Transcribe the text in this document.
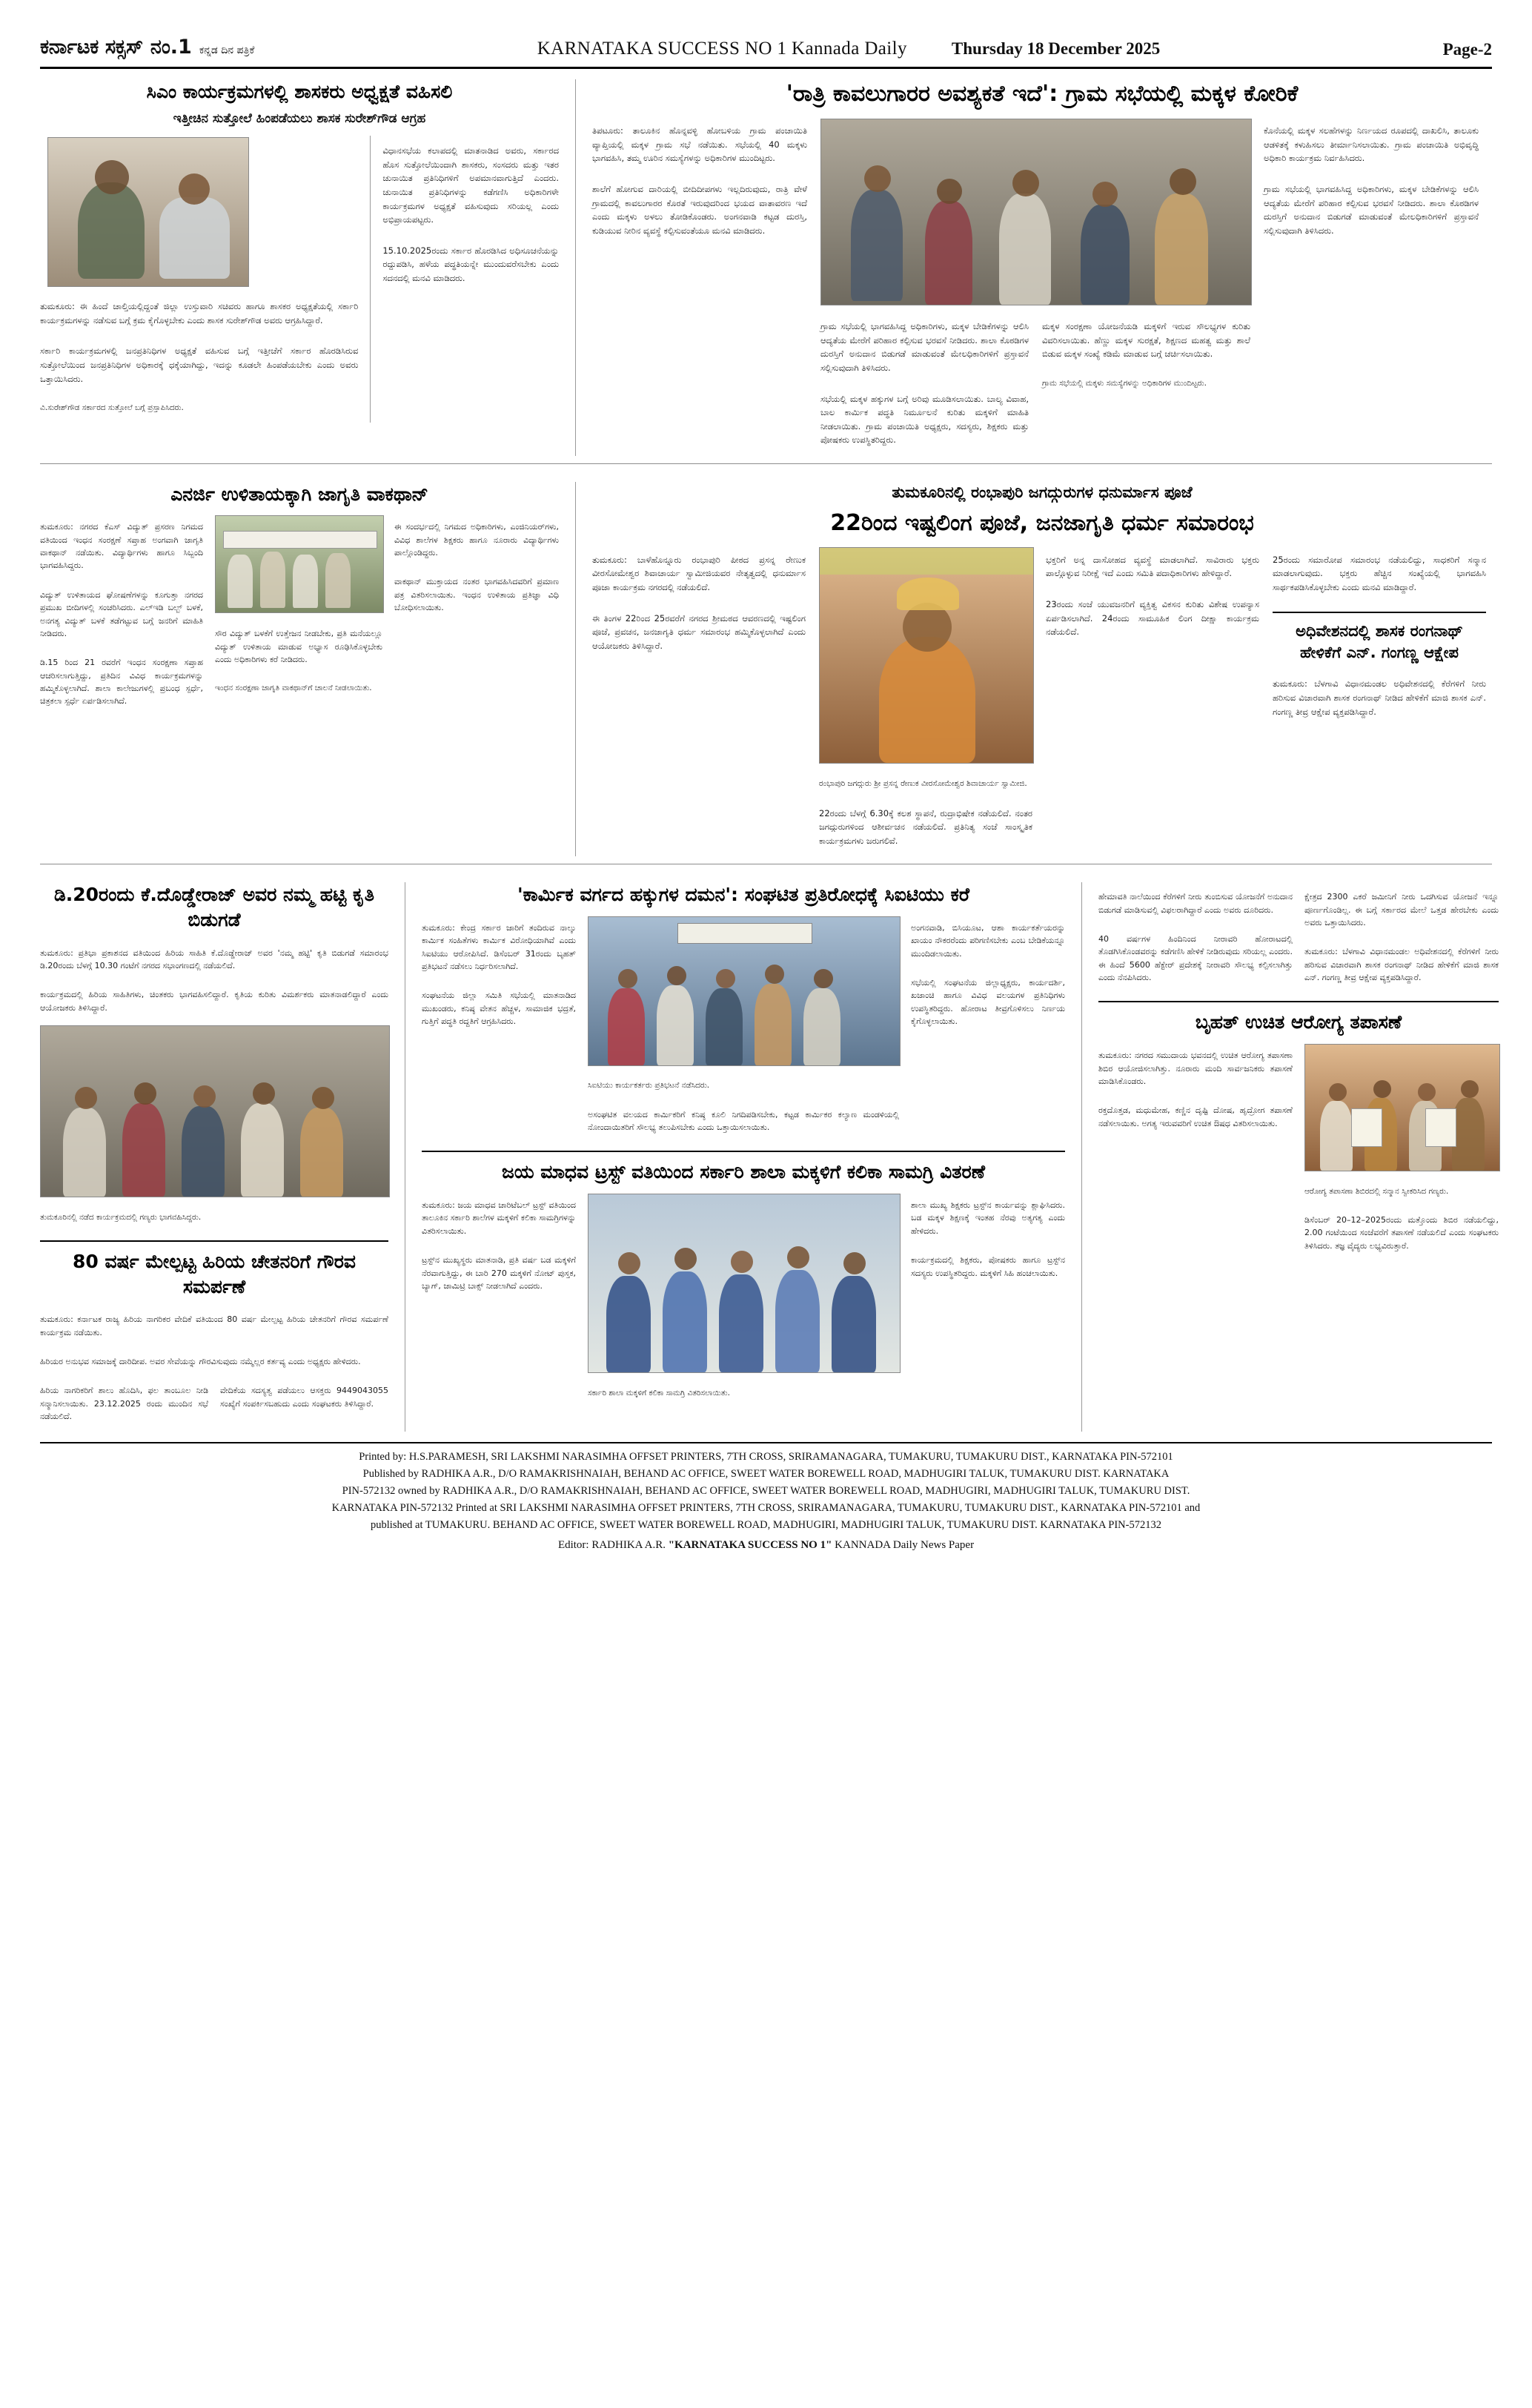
ಕರ್ನಾಟಕ ಸಕ್ಸಸ್ ನಂ.1 ಕನ್ನಡ ದಿನ ಪತ್ರಿಕೆ	KARNATAKA SUCCESS NO 1 Kannada Daily	Thursday 18 December 2025	Page-2
ಸಿಎಂ ಕಾರ್ಯಕ್ರಮಗಳಲ್ಲಿ ಶಾಸಕರು ಅಧ್ವಕ್ಷತೆ ವಹಿಸಲಿ
ಇತ್ತೀಚಿನ ಸುತ್ತೋಲೆ ಹಿಂಪಡೆಯಲು ಶಾಸಕ ಸುರೇಶ್‌ಗೌಡ ಆಗ್ರಹ

ತುಮಕೂರು: ಈ ಹಿಂದೆ ಚಾಲ್ತಿಯಲ್ಲಿದ್ದಂತೆ ಜಿಲ್ಲಾ ಉಸ್ತುವಾರಿ ಸಚಿವರು ಹಾಗೂ ಶಾಸಕರ ಅಧ್ಯಕ್ಷತೆಯಲ್ಲಿ ಸರ್ಕಾರಿ ಕಾರ್ಯಕ್ರಮಗಳನ್ನು ನಡೆಸುವ ಬಗ್ಗೆ ಕ್ರಮ ಕೈಗೊಳ್ಳಬೇಕು ಎಂದು ಶಾಸಕ ಸುರೇಶ್‌ಗೌಡ ಅವರು ಆಗ್ರಹಿಸಿದ್ದಾರೆ.

ಸರ್ಕಾರಿ ಕಾರ್ಯಕ್ರಮಗಳಲ್ಲಿ ಜನಪ್ರತಿನಿಧಿಗಳ ಅಧ್ಯಕ್ಷತೆ ವಹಿಸುವ ಬಗ್ಗೆ ಇತ್ತೀಚೆಗೆ ಸರ್ಕಾರ ಹೊರಡಿಸಿರುವ ಸುತ್ತೋಲೆಯಿಂದ ಜನಪ್ರತಿನಿಧಿಗಳ ಅಧಿಕಾರಕ್ಕೆ ಧಕ್ಕೆಯಾಗಿದ್ದು, ಇದನ್ನು ಕೂಡಲೇ ಹಿಂಪಡೆಯಬೇಕು ಎಂದು ಅವರು ಒತ್ತಾಯಿಸಿದರು.

ವಿ.ಸುರೇಶ್‌ಗೌಡ ಸರ್ಕಾರದ ಸುತ್ತೋಲೆ ಬಗ್ಗೆ ಪ್ರಸ್ತಾಪಿಸಿದರು.

ವಿಧಾನಸಭೆಯ ಕಲಾಪದಲ್ಲಿ ಮಾತನಾಡಿದ ಅವರು, ಸರ್ಕಾರದ ಹೊಸ ಸುತ್ತೋಲೆಯಿಂದಾಗಿ ಶಾಸಕರು, ಸಂಸದರು ಮತ್ತು ಇತರ ಚುನಾಯಿತ ಪ್ರತಿನಿಧಿಗಳಿಗೆ ಅಪಮಾನವಾಗುತ್ತಿದೆ ಎಂದರು. ಚುನಾಯಿತ ಪ್ರತಿನಿಧಿಗಳನ್ನು ಕಡೆಗಣಿಸಿ ಅಧಿಕಾರಿಗಳೇ ಕಾರ್ಯಕ್ರಮಗಳ ಅಧ್ಯಕ್ಷತೆ ವಹಿಸುವುದು ಸರಿಯಲ್ಲ ಎಂದು ಅಭಿಪ್ರಾಯಪಟ್ಟರು.

15.10.2025ರಂದು ಸರ್ಕಾರ ಹೊರಡಿಸಿದ ಅಧಿಸೂಚನೆಯನ್ನು ರದ್ದುಪಡಿಸಿ, ಹಳೆಯ ಪದ್ಧತಿಯನ್ನೇ ಮುಂದುವರೆಸಬೇಕು ಎಂದು ಸದನದಲ್ಲಿ ಮನವಿ ಮಾಡಿದರು.

'ರಾತ್ರಿ ಕಾವಲುಗಾರರ ಅವಶ್ಯಕತೆ ಇದೆ': ಗ್ರಾಮ ಸಭೆಯಲ್ಲಿ ಮಕ್ಕಳ ಕೋರಿಕೆ

ತಿಪಟೂರು: ತಾಲೂಕಿನ ಹೊನ್ನವಳ್ಳಿ ಹೋಬಳಿಯ ಗ್ರಾಮ ಪಂಚಾಯಿತಿ ವ್ಯಾಪ್ತಿಯಲ್ಲಿ ಮಕ್ಕಳ ಗ್ರಾಮ ಸಭೆ ನಡೆಯಿತು. ಸಭೆಯಲ್ಲಿ 40 ಮಕ್ಕಳು ಭಾಗವಹಿಸಿ, ತಮ್ಮ ಊರಿನ ಸಮಸ್ಯೆಗಳನ್ನು ಅಧಿಕಾರಿಗಳ ಮುಂದಿಟ್ಟರು.

ಶಾಲೆಗೆ ಹೋಗುವ ದಾರಿಯಲ್ಲಿ ಬೀದಿದೀಪಗಳು ಇಲ್ಲದಿರುವುದು, ರಾತ್ರಿ ವೇಳೆ ಗ್ರಾಮದಲ್ಲಿ ಕಾವಲುಗಾರರ ಕೊರತೆ ಇರುವುದರಿಂದ ಭಯದ ವಾತಾವರಣ ಇದೆ ಎಂದು ಮಕ್ಕಳು ಅಳಲು ತೋಡಿಕೊಂಡರು. ಅಂಗನವಾಡಿ ಕಟ್ಟಡ ದುರಸ್ತಿ, ಕುಡಿಯುವ ನೀರಿನ ವ್ಯವಸ್ಥೆ ಕಲ್ಪಿಸುವಂತೆಯೂ ಮನವಿ ಮಾಡಿದರು.

ಗ್ರಾಮ ಸಭೆಯಲ್ಲಿ ಭಾಗವಹಿಸಿದ್ದ ಅಧಿಕಾರಿಗಳು, ಮಕ್ಕಳ ಬೇಡಿಕೆಗಳನ್ನು ಆಲಿಸಿ ಆದ್ಯತೆಯ ಮೇರೆಗೆ ಪರಿಹಾರ ಕಲ್ಪಿಸುವ ಭರವಸೆ ನೀಡಿದರು. ಶಾಲಾ ಕೊಠಡಿಗಳ ದುರಸ್ತಿಗೆ ಅನುದಾನ ಬಿಡುಗಡೆ ಮಾಡುವಂತೆ ಮೇಲಧಿಕಾರಿಗಳಿಗೆ ಪ್ರಸ್ತಾವನೆ ಸಲ್ಲಿಸುವುದಾಗಿ ತಿಳಿಸಿದರು.

ಸಭೆಯಲ್ಲಿ ಮಕ್ಕಳ ಹಕ್ಕುಗಳ ಬಗ್ಗೆ ಅರಿವು ಮೂಡಿಸಲಾಯಿತು. ಬಾಲ್ಯ ವಿವಾಹ, ಬಾಲ ಕಾರ್ಮಿಕ ಪದ್ಧತಿ ನಿರ್ಮೂಲನೆ ಕುರಿತು ಮಕ್ಕಳಿಗೆ ಮಾಹಿತಿ ನೀಡಲಾಯಿತು. ಗ್ರಾಮ ಪಂಚಾಯಿತಿ ಅಧ್ಯಕ್ಷರು, ಸದಸ್ಯರು, ಶಿಕ್ಷಕರು ಮತ್ತು ಪೋಷಕರು ಉಪಸ್ಥಿತರಿದ್ದರು.

ಮಕ್ಕಳ ಸಂರಕ್ಷಣಾ ಯೋಜನೆಯಡಿ ಮಕ್ಕಳಿಗೆ ಇರುವ ಸೌಲಭ್ಯಗಳ ಕುರಿತು ವಿವರಿಸಲಾಯಿತು. ಹೆಣ್ಣು ಮಕ್ಕಳ ಸುರಕ್ಷತೆ, ಶಿಕ್ಷಣದ ಮಹತ್ವ ಮತ್ತು ಶಾಲೆ ಬಿಡುವ ಮಕ್ಕಳ ಸಂಖ್ಯೆ ಕಡಿಮೆ ಮಾಡುವ ಬಗ್ಗೆ ಚರ್ಚಿಸಲಾಯಿತು.

ಗ್ರಾಮ ಸಭೆಯಲ್ಲಿ ಮಕ್ಕಳು ಸಮಸ್ಯೆಗಳನ್ನು ಅಧಿಕಾರಿಗಳ ಮುಂದಿಟ್ಟರು.

ಕೊನೆಯಲ್ಲಿ ಮಕ್ಕಳ ಸಲಹೆಗಳನ್ನು ನಿರ್ಣಯದ ರೂಪದಲ್ಲಿ ದಾಖಲಿಸಿ, ತಾಲೂಕು ಆಡಳಿತಕ್ಕೆ ಕಳುಹಿಸಲು ತೀರ್ಮಾನಿಸಲಾಯಿತು. ಗ್ರಾಮ ಪಂಚಾಯಿತಿ ಅಭಿವೃದ್ಧಿ ಅಧಿಕಾರಿ ಕಾರ್ಯಕ್ರಮ ನಿರ್ವಹಿಸಿದರು.

ಗ್ರಾಮ ಸಭೆಯಲ್ಲಿ ಭಾಗವಹಿಸಿದ್ದ ಅಧಿಕಾರಿಗಳು, ಮಕ್ಕಳ ಬೇಡಿಕೆಗಳನ್ನು ಆಲಿಸಿ ಆದ್ಯತೆಯ ಮೇರೆಗೆ ಪರಿಹಾರ ಕಲ್ಪಿಸುವ ಭರವಸೆ ನೀಡಿದರು. ಶಾಲಾ ಕೊಠಡಿಗಳ ದುರಸ್ತಿಗೆ ಅನುದಾನ ಬಿಡುಗಡೆ ಮಾಡುವಂತೆ ಮೇಲಧಿಕಾರಿಗಳಿಗೆ ಪ್ರಸ್ತಾವನೆ ಸಲ್ಲಿಸುವುದಾಗಿ ತಿಳಿಸಿದರು.

ಎನರ್ಜಿ ಉಳಿತಾಯಕ್ಕಾಗಿ ಜಾಗೃತಿ ವಾಕಥಾನ್

ತುಮಕೂರು: ನಗರದ ಕೆಎಸ್ ವಿದ್ಯುತ್ ಪ್ರಸರಣ ನಿಗಮದ ವತಿಯಿಂದ ಇಂಧನ ಸಂರಕ್ಷಣೆ ಸಪ್ತಾಹ ಅಂಗವಾಗಿ ಜಾಗೃತಿ ವಾಕಥಾನ್ ನಡೆಯಿತು. ವಿದ್ಯಾರ್ಥಿಗಳು ಹಾಗೂ ಸಿಬ್ಬಂದಿ ಭಾಗವಹಿಸಿದ್ದರು.

ವಿದ್ಯುತ್ ಉಳಿತಾಯದ ಘೋಷಣೆಗಳನ್ನು ಕೂಗುತ್ತಾ ನಗರದ ಪ್ರಮುಖ ಬೀದಿಗಳಲ್ಲಿ ಸಂಚರಿಸಿದರು. ಎಲ್ಇಡಿ ಬಲ್ಬ್ ಬಳಕೆ, ಅನಗತ್ಯ ವಿದ್ಯುತ್ ಬಳಕೆ ತಡೆಗಟ್ಟುವ ಬಗ್ಗೆ ಜನರಿಗೆ ಮಾಹಿತಿ ನೀಡಿದರು.

ಡಿ.15 ರಿಂದ 21 ರವರೆಗೆ ಇಂಧನ ಸಂರಕ್ಷಣಾ ಸಪ್ತಾಹ ಆಚರಿಸಲಾಗುತ್ತಿದ್ದು, ಪ್ರತಿದಿನ ವಿವಿಧ ಕಾರ್ಯಕ್ರಮಗಳನ್ನು ಹಮ್ಮಿಕೊಳ್ಳಲಾಗಿದೆ. ಶಾಲಾ ಕಾಲೇಜುಗಳಲ್ಲಿ ಪ್ರಬಂಧ ಸ್ಪರ್ಧೆ, ಚಿತ್ರಕಲಾ ಸ್ಪರ್ಧೆ ಏರ್ಪಡಿಸಲಾಗಿದೆ.

ಸೌರ ವಿದ್ಯುತ್ ಬಳಕೆಗೆ ಉತ್ತೇಜನ ನೀಡಬೇಕು, ಪ್ರತಿ ಮನೆಯಲ್ಲೂ ವಿದ್ಯುತ್ ಉಳಿತಾಯ ಮಾಡುವ ಅಭ್ಯಾಸ ರೂಢಿಸಿಕೊಳ್ಳಬೇಕು ಎಂದು ಅಧಿಕಾರಿಗಳು ಕರೆ ನೀಡಿದರು.

ಇಂಧನ ಸಂರಕ್ಷಣಾ ಜಾಗೃತಿ ವಾಕಥಾನ್‌ಗೆ ಚಾಲನೆ ನೀಡಲಾಯಿತು.

ಈ ಸಂದರ್ಭದಲ್ಲಿ ನಿಗಮದ ಅಧಿಕಾರಿಗಳು, ಎಂಜಿನಿಯರ್‌ಗಳು, ವಿವಿಧ ಶಾಲೆಗಳ ಶಿಕ್ಷಕರು ಹಾಗೂ ನೂರಾರು ವಿದ್ಯಾರ್ಥಿಗಳು ಪಾಲ್ಗೊಂಡಿದ್ದರು.

ವಾಕಥಾನ್ ಮುಕ್ತಾಯದ ನಂತರ ಭಾಗವಹಿಸಿದವರಿಗೆ ಪ್ರಮಾಣ ಪತ್ರ ವಿತರಿಸಲಾಯಿತು. ಇಂಧನ ಉಳಿತಾಯ ಪ್ರತಿಜ್ಞಾ ವಿಧಿ ಬೋಧಿಸಲಾಯಿತು.

ತುಮಕೂರಿನಲ್ಲಿ ರಂಭಾಪುರಿ ಜಗದ್ಗುರುಗಳ ಧನುರ್ಮಾಸ ಪೂಜೆ
22ರಿಂದ ಇಷ್ಟಲಿಂಗ ಪೂಜೆ, ಜನಜಾಗೃತಿ ಧರ್ಮ ಸಮಾರಂಭ

ತುಮಕೂರು: ಬಾಳೆಹೊನ್ನೂರು ರಂಭಾಪುರಿ ಪೀಠದ ಪ್ರಸನ್ನ ರೇಣುಕ ವೀರಸೋಮೇಶ್ವರ ಶಿವಾಚಾರ್ಯ ಸ್ವಾಮೀಜಿಯವರ ನೇತೃತ್ವದಲ್ಲಿ ಧನುರ್ಮಾಸ ಪೂಜಾ ಕಾರ್ಯಕ್ರಮ ನಗರದಲ್ಲಿ ನಡೆಯಲಿದೆ.

ಈ ತಿಂಗಳ 22ರಿಂದ 25ರವರೆಗೆ ನಗರದ ಶ್ರೀಮಠದ ಆವರಣದಲ್ಲಿ ಇಷ್ಟಲಿಂಗ ಪೂಜೆ, ಪ್ರವಚನ, ಜನಜಾಗೃತಿ ಧರ್ಮ ಸಮಾರಂಭ ಹಮ್ಮಿಕೊಳ್ಳಲಾಗಿದೆ ಎಂದು ಆಯೋಜಕರು ತಿಳಿಸಿದ್ದಾರೆ.

ರಂಭಾಪುರಿ ಜಗದ್ಗುರು ಶ್ರೀ ಪ್ರಸನ್ನ ರೇಣುಕ ವೀರಸೋಮೇಶ್ವರ ಶಿವಾಚಾರ್ಯ ಸ್ವಾಮೀಜಿ.

22ರಂದು ಬೆಳಗ್ಗೆ 6.30ಕ್ಕೆ ಕಲಶ ಸ್ಥಾಪನೆ, ರುದ್ರಾಭಿಷೇಕ ನಡೆಯಲಿದೆ. ನಂತರ ಜಗದ್ಗುರುಗಳಿಂದ ಆಶೀರ್ವಚನ ನಡೆಯಲಿದೆ. ಪ್ರತಿನಿತ್ಯ ಸಂಜೆ ಸಾಂಸ್ಕೃತಿಕ ಕಾರ್ಯಕ್ರಮಗಳು ಜರುಗಲಿವೆ.

ಭಕ್ತರಿಗೆ ಅನ್ನ ದಾಸೋಹದ ವ್ಯವಸ್ಥೆ ಮಾಡಲಾಗಿದೆ. ಸಾವಿರಾರು ಭಕ್ತರು ಪಾಲ್ಗೊಳ್ಳುವ ನಿರೀಕ್ಷೆ ಇದೆ ಎಂದು ಸಮಿತಿ ಪದಾಧಿಕಾರಿಗಳು ಹೇಳಿದ್ದಾರೆ.

23ರಂದು ಸಂಜೆ ಯುವಜನರಿಗೆ ವ್ಯಕ್ತಿತ್ವ ವಿಕಸನ ಕುರಿತು ವಿಶೇಷ ಉಪನ್ಯಾಸ ಏರ್ಪಡಿಸಲಾಗಿದೆ. 24ರಂದು ಸಾಮೂಹಿಕ ಲಿಂಗ ದೀಕ್ಷಾ ಕಾರ್ಯಕ್ರಮ ನಡೆಯಲಿದೆ.

25ರಂದು ಸಮಾರೋಪ ಸಮಾರಂಭ ನಡೆಯಲಿದ್ದು, ಸಾಧಕರಿಗೆ ಸನ್ಮಾನ ಮಾಡಲಾಗುವುದು. ಭಕ್ತರು ಹೆಚ್ಚಿನ ಸಂಖ್ಯೆಯಲ್ಲಿ ಭಾಗವಹಿಸಿ ಸಾರ್ಥಕಪಡಿಸಿಕೊಳ್ಳಬೇಕು ಎಂದು ಮನವಿ ಮಾಡಿದ್ದಾರೆ.

ಅಧಿವೇಶನದಲ್ಲಿ ಶಾಸಕ ರಂಗನಾಥ್ ಹೇಳಿಕೆಗೆ ಎನ್. ಗಂಗಣ್ಣ ಆಕ್ಷೇಪ

ತುಮಕೂರು: ಬೆಳಗಾವಿ ವಿಧಾನಮಂಡಲ ಅಧಿವೇಶನದಲ್ಲಿ ಕೆರೆಗಳಿಗೆ ನೀರು ಹರಿಸುವ ವಿಚಾರವಾಗಿ ಶಾಸಕ ರಂಗನಾಥ್ ನೀಡಿದ ಹೇಳಿಕೆಗೆ ಮಾಜಿ ಶಾಸಕ ಎನ್. ಗಂಗಣ್ಣ ತೀವ್ರ ಆಕ್ಷೇಪ ವ್ಯಕ್ತಪಡಿಸಿದ್ದಾರೆ.

ಡಿ.20ರಂದು ಕೆ.ದೊಡ್ಡೇರಾಜ್ ಅವರ ನಮ್ಮ ಹಟ್ಟಿ ಕೃತಿ ಬಿಡುಗಡೆ

ತುಮಕೂರು: ಪ್ರತಿಭಾ ಪ್ರಕಾಶನದ ವತಿಯಿಂದ ಹಿರಿಯ ಸಾಹಿತಿ ಕೆ.ದೊಡ್ಡೇರಾಜ್ ಅವರ 'ನಮ್ಮ ಹಟ್ಟಿ' ಕೃತಿ ಬಿಡುಗಡೆ ಸಮಾರಂಭ ಡಿ.20ರಂದು ಬೆಳಗ್ಗೆ 10.30 ಗಂಟೆಗೆ ನಗರದ ಸಭಾಂಗಣದಲ್ಲಿ ನಡೆಯಲಿದೆ.

ಕಾರ್ಯಕ್ರಮದಲ್ಲಿ ಹಿರಿಯ ಸಾಹಿತಿಗಳು, ಚಿಂತಕರು ಭಾಗವಹಿಸಲಿದ್ದಾರೆ. ಕೃತಿಯ ಕುರಿತು ವಿಮರ್ಶಕರು ಮಾತನಾಡಲಿದ್ದಾರೆ ಎಂದು ಆಯೋಜಕರು ತಿಳಿಸಿದ್ದಾರೆ.

ತುಮಕೂರಿನಲ್ಲಿ ನಡೆದ ಕಾರ್ಯಕ್ರಮದಲ್ಲಿ ಗಣ್ಯರು ಭಾಗವಹಿಸಿದ್ದರು.

80 ವರ್ಷ ಮೇಲ್ಪಟ್ಟ ಹಿರಿಯ ಚೇತನರಿಗೆ ಗೌರವ ಸಮರ್ಪಣೆ

ತುಮಕೂರು: ಕರ್ನಾಟಕ ರಾಜ್ಯ ಹಿರಿಯ ನಾಗರಿಕರ ವೇದಿಕೆ ವತಿಯಿಂದ 80 ವರ್ಷ ಮೇಲ್ಪಟ್ಟ ಹಿರಿಯ ಚೇತನರಿಗೆ ಗೌರವ ಸಮರ್ಪಣೆ ಕಾರ್ಯಕ್ರಮ ನಡೆಯಿತು.

ಹಿರಿಯರ ಅನುಭವ ಸಮಾಜಕ್ಕೆ ದಾರಿದೀಪ. ಅವರ ಸೇವೆಯನ್ನು ಗೌರವಿಸುವುದು ನಮ್ಮೆಲ್ಲರ ಕರ್ತವ್ಯ ಎಂದು ಅಧ್ಯಕ್ಷರು ಹೇಳಿದರು.

ಹಿರಿಯ ನಾಗರಿಕರಿಗೆ ಶಾಲು ಹೊದಿಸಿ, ಫಲ ತಾಂಬೂಲ ನೀಡಿ ಸನ್ಮಾನಿಸಲಾಯಿತು. 23.12.2025 ರಂದು ಮುಂದಿನ ಸಭೆ ನಡೆಯಲಿದೆ.

ವೇದಿಕೆಯ ಸದಸ್ಯತ್ವ ಪಡೆಯಲು ಆಸಕ್ತರು 9449043055 ಸಂಖ್ಯೆಗೆ ಸಂಪರ್ಕಿಸಬಹುದು ಎಂದು ಸಂಘಟಕರು ತಿಳಿಸಿದ್ದಾರೆ.

'ಕಾರ್ಮಿಕ ವರ್ಗದ ಹಕ್ಕುಗಳ ದಮನ': ಸಂಘಟಿತ ಪ್ರತಿರೋಧಕ್ಕೆ ಸಿಐಟಿಯು ಕರೆ

ತುಮಕೂರು: ಕೇಂದ್ರ ಸರ್ಕಾರ ಜಾರಿಗೆ ತಂದಿರುವ ನಾಲ್ಕು ಕಾರ್ಮಿಕ ಸಂಹಿತೆಗಳು ಕಾರ್ಮಿಕ ವಿರೋಧಿಯಾಗಿವೆ ಎಂದು ಸಿಐಟಿಯು ಆರೋಪಿಸಿದೆ. ಡಿಸೆಂಬರ್ 31ರಂದು ಬೃಹತ್ ಪ್ರತಿಭಟನೆ ನಡೆಸಲು ನಿರ್ಧರಿಸಲಾಗಿದೆ.

ಸಂಘಟನೆಯ ಜಿಲ್ಲಾ ಸಮಿತಿ ಸಭೆಯಲ್ಲಿ ಮಾತನಾಡಿದ ಮುಖಂಡರು, ಕನಿಷ್ಠ ವೇತನ ಹೆಚ್ಚಳ, ಸಾಮಾಜಿಕ ಭದ್ರತೆ, ಗುತ್ತಿಗೆ ಪದ್ಧತಿ ರದ್ದತಿಗೆ ಆಗ್ರಹಿಸಿದರು.

ಸಿಐಟಿಯು ಕಾರ್ಯಕರ್ತರು ಪ್ರತಿಭಟನೆ ನಡೆಸಿದರು.

ಅಸಂಘಟಿತ ವಲಯದ ಕಾರ್ಮಿಕರಿಗೆ ಕನಿಷ್ಠ ಕೂಲಿ ನಿಗದಿಪಡಿಸಬೇಕು, ಕಟ್ಟಡ ಕಾರ್ಮಿಕರ ಕಲ್ಯಾಣ ಮಂಡಳಿಯಲ್ಲಿ ನೋಂದಾಯಿತರಿಗೆ ಸೌಲಭ್ಯ ತಲುಪಿಸಬೇಕು ಎಂದು ಒತ್ತಾಯಿಸಲಾಯಿತು.

ಅಂಗನವಾಡಿ, ಬಿಸಿಯೂಟ, ಆಶಾ ಕಾರ್ಯಕರ್ತೆಯರನ್ನು ಖಾಯಂ ನೌಕರರೆಂದು ಪರಿಗಣಿಸಬೇಕು ಎಂಬ ಬೇಡಿಕೆಯನ್ನೂ ಮುಂದಿಡಲಾಯಿತು.

ಸಭೆಯಲ್ಲಿ ಸಂಘಟನೆಯ ಜಿಲ್ಲಾಧ್ಯಕ್ಷರು, ಕಾರ್ಯದರ್ಶಿ, ಖಜಾಂಚಿ ಹಾಗೂ ವಿವಿಧ ವಲಯಗಳ ಪ್ರತಿನಿಧಿಗಳು ಉಪಸ್ಥಿತರಿದ್ದರು. ಹೋರಾಟ ತೀವ್ರಗೊಳಿಸಲು ನಿರ್ಣಯ ಕೈಗೊಳ್ಳಲಾಯಿತು.

ಜಯ ಮಾಧವ ಟ್ರಸ್ಟ್ ವತಿಯಿಂದ ಸರ್ಕಾರಿ ಶಾಲಾ ಮಕ್ಕಳಿಗೆ ಕಲಿಕಾ ಸಾಮಗ್ರಿ ವಿತರಣೆ

ತುಮಕೂರು: ಜಯ ಮಾಧವ ಚಾರಿಟೆಬಲ್ ಟ್ರಸ್ಟ್ ವತಿಯಿಂದ ತಾಲೂಕಿನ ಸರ್ಕಾರಿ ಶಾಲೆಗಳ ಮಕ್ಕಳಿಗೆ ಕಲಿಕಾ ಸಾಮಗ್ರಿಗಳನ್ನು ವಿತರಿಸಲಾಯಿತು.

ಟ್ರಸ್ಟ್‌ನ ಮುಖ್ಯಸ್ಥರು ಮಾತನಾಡಿ, ಪ್ರತಿ ವರ್ಷ ಬಡ ಮಕ್ಕಳಿಗೆ ನೆರವಾಗುತ್ತಿದ್ದು, ಈ ಬಾರಿ 270 ಮಕ್ಕಳಿಗೆ ನೋಟ್ ಪುಸ್ತಕ, ಬ್ಯಾಗ್, ಜಾಮಿಟ್ರಿ ಬಾಕ್ಸ್ ನೀಡಲಾಗಿದೆ ಎಂದರು.

ಸರ್ಕಾರಿ ಶಾಲಾ ಮಕ್ಕಳಿಗೆ ಕಲಿಕಾ ಸಾಮಗ್ರಿ ವಿತರಿಸಲಾಯಿತು.

ಶಾಲಾ ಮುಖ್ಯ ಶಿಕ್ಷಕರು ಟ್ರಸ್ಟ್‌ನ ಕಾರ್ಯವನ್ನು ಶ್ಲಾಘಿಸಿದರು. ಬಡ ಮಕ್ಕಳ ಶಿಕ್ಷಣಕ್ಕೆ ಇಂತಹ ನೆರವು ಅತ್ಯಗತ್ಯ ಎಂದು ಹೇಳಿದರು.

ಕಾರ್ಯಕ್ರಮದಲ್ಲಿ ಶಿಕ್ಷಕರು, ಪೋಷಕರು ಹಾಗೂ ಟ್ರಸ್ಟ್‌ನ ಸದಸ್ಯರು ಉಪಸ್ಥಿತರಿದ್ದರು. ಮಕ್ಕಳಿಗೆ ಸಿಹಿ ಹಂಚಲಾಯಿತು.

ಹೇಮಾವತಿ ನಾಲೆಯಿಂದ ಕೆರೆಗಳಿಗೆ ನೀರು ತುಂಬಿಸುವ ಯೋಜನೆಗೆ ಅನುದಾನ ಬಿಡುಗಡೆ ಮಾಡಿಸುವಲ್ಲಿ ವಿಫಲರಾಗಿದ್ದಾರೆ ಎಂದು ಅವರು ದೂರಿದರು.

40 ವರ್ಷಗಳ ಹಿಂದಿನಿಂದ ನೀರಾವರಿ ಹೋರಾಟದಲ್ಲಿ ತೊಡಗಿಸಿಕೊಂಡವರನ್ನು ಕಡೆಗಣಿಸಿ ಹೇಳಿಕೆ ನೀಡಿರುವುದು ಸರಿಯಲ್ಲ ಎಂದರು. ಈ ಹಿಂದೆ 5600 ಹೆಕ್ಟೇರ್ ಪ್ರದೇಶಕ್ಕೆ ನೀರಾವರಿ ಸೌಲಭ್ಯ ಕಲ್ಪಿಸಲಾಗಿತ್ತು ಎಂದು ನೆನಪಿಸಿದರು.

ಕ್ಷೇತ್ರದ 2300 ಎಕರೆ ಜಮೀನಿಗೆ ನೀರು ಒದಗಿಸುವ ಯೋಜನೆ ಇನ್ನೂ ಪೂರ್ಣಗೊಂಡಿಲ್ಲ. ಈ ಬಗ್ಗೆ ಸರ್ಕಾರದ ಮೇಲೆ ಒತ್ತಡ ಹೇರಬೇಕು ಎಂದು ಅವರು ಒತ್ತಾಯಿಸಿದರು.

ತುಮಕೂರು: ಬೆಳಗಾವಿ ವಿಧಾನಮಂಡಲ ಅಧಿವೇಶನದಲ್ಲಿ ಕೆರೆಗಳಿಗೆ ನೀರು ಹರಿಸುವ ವಿಚಾರವಾಗಿ ಶಾಸಕ ರಂಗನಾಥ್ ನೀಡಿದ ಹೇಳಿಕೆಗೆ ಮಾಜಿ ಶಾಸಕ ಎನ್. ಗಂಗಣ್ಣ ತೀವ್ರ ಆಕ್ಷೇಪ ವ್ಯಕ್ತಪಡಿಸಿದ್ದಾರೆ.

ಬೃಹತ್ ಉಚಿತ ಆರೋಗ್ಯ ತಪಾಸಣೆ

ತುಮಕೂರು: ನಗರದ ಸಮುದಾಯ ಭವನದಲ್ಲಿ ಉಚಿತ ಆರೋಗ್ಯ ತಪಾಸಣಾ ಶಿಬಿರ ಆಯೋಜಿಸಲಾಗಿತ್ತು. ನೂರಾರು ಮಂದಿ ಸಾರ್ವಜನಿಕರು ತಪಾಸಣೆ ಮಾಡಿಸಿಕೊಂಡರು.

ರಕ್ತದೊತ್ತಡ, ಮಧುಮೇಹ, ಕಣ್ಣಿನ ದೃಷ್ಟಿ ದೋಷ, ಹೃದ್ರೋಗ ತಪಾಸಣೆ ನಡೆಸಲಾಯಿತು. ಅಗತ್ಯ ಇರುವವರಿಗೆ ಉಚಿತ ಔಷಧ ವಿತರಿಸಲಾಯಿತು.

ಆರೋಗ್ಯ ತಪಾಸಣಾ ಶಿಬಿರದಲ್ಲಿ ಸನ್ಮಾನ ಸ್ವೀಕರಿಸಿದ ಗಣ್ಯರು.

ಡಿಸೆಂಬರ್ 20–12–2025ರಂದು ಮತ್ತೊಂದು ಶಿಬಿರ ನಡೆಯಲಿದ್ದು, 2.00 ಗಂಟೆಯಿಂದ ಸಂಜೆವರೆಗೆ ತಪಾಸಣೆ ನಡೆಯಲಿದೆ ಎಂದು ಸಂಘಟಕರು ತಿಳಿಸಿದರು. ತಜ್ಞ ವೈದ್ಯರು ಲಭ್ಯವಿರುತ್ತಾರೆ.

Printed by: H.S.PARAMESH, SRI LAKSHMI NARASIMHA OFFSET PRINTERS, 7TH CROSS, SRIRAMANAGARA, TUMAKURU, TUMAKURU DIST., KARNATAKA PIN-572101

Published by RADHIKA A.R., D/O RAMAKRISHNAIAH, BEHAND AC OFFICE, SWEET WATER BOREWELL ROAD, MADHUGIRI TALUK, TUMAKURU DIST. KARNATAKA

PIN-572132 owned by RADHIKA A.R., D/O RAMAKRISHNAIAH, BEHAND AC OFFICE, SWEET WATER BOREWELL ROAD, MADHUGIRI, MADHUGIRI TALUK, TUMAKURU DIST.

KARNATAKA PIN-572132 Printed at SRI LAKSHMI NARASIMHA OFFSET PRINTERS, 7TH CROSS, SRIRAMANAGARA, TUMAKURU, TUMAKURU DIST., KARNATAKA PIN-572101 and

published at TUMAKURU. BEHAND AC OFFICE, SWEET WATER BOREWELL ROAD, MADHUGIRI, MADHUGIRI TALUK, TUMAKURU DIST. KARNATAKA PIN-572132

Editor: RADHIKA A.R. "KARNATAKA SUCCESS NO 1" KANNADA Daily News Paper
